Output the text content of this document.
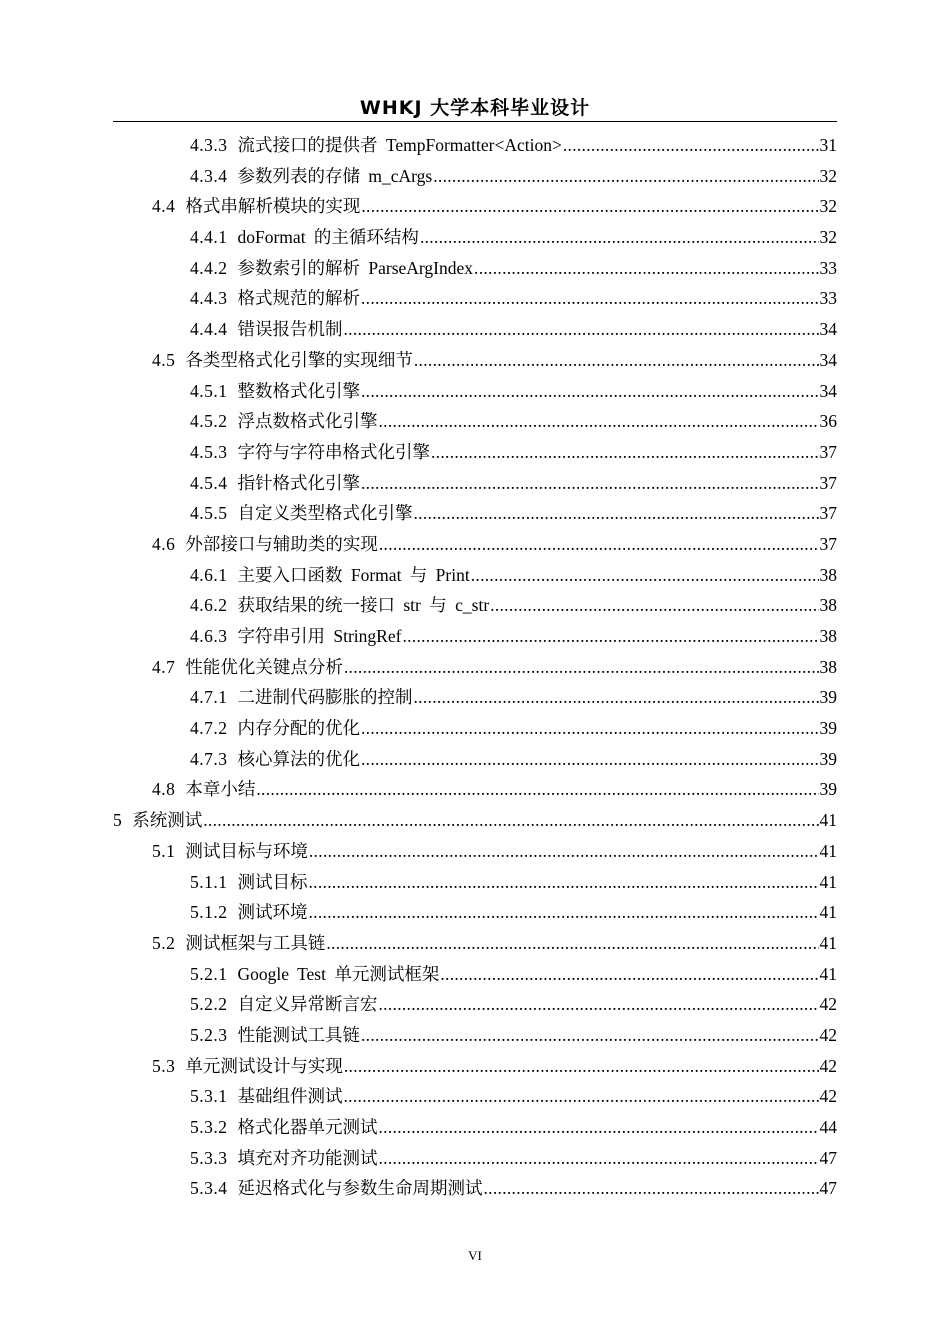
WHKJ 大学本科毕业设计
4.3.3 流式接口的提供者 TempFormatter<Action> .....	31
4.3.4 参数列表的存储 m_cArgs .....	32
4.4 格式串解析模块的实现 .....	32
4.4.1 doFormat 的主循环结构 .....	32
4.4.2 参数索引的解析 ParseArgIndex .....	33
4.4.3 格式规范的解析 .....	33
4.4.4 错误报告机制 .....	34
4.5 各类型格式化引擎的实现细节 .....	34
4.5.1 整数格式化引擎 .....	34
4.5.2 浮点数格式化引擎 .....	36
4.5.3 字符与字符串格式化引擎 .....	37
4.5.4 指针格式化引擎 .....	37
4.5.5 自定义类型格式化引擎 .....	37
4.6 外部接口与辅助类的实现 .....	37
4.6.1 主要入口函数 Format 与 Print .....	38
4.6.2 获取结果的统一接口 str 与 c_str .....	38
4.6.3 字符串引用 StringRef .....	38
4.7 性能优化关键点分析 .....	38
4.7.1 二进制代码膨胀的控制 .....	39
4.7.2 内存分配的优化 .....	39
4.7.3 核心算法的优化 .....	39
4.8 本章小结 .....	39
5 系统测试 .....	41
5.1 测试目标与环境 .....	41
5.1.1 测试目标 .....	41
5.1.2 测试环境 .....	41
5.2 测试框架与工具链 .....	41
5.2.1 Google Test 单元测试框架 .....	41
5.2.2 自定义异常断言宏 .....	42
5.2.3 性能测试工具链 .....	42
5.3 单元测试设计与实现 .....	42
5.3.1 基础组件测试 .....	42
5.3.2 格式化器单元测试 .....	44
5.3.3 填充对齐功能测试 .....	47
5.3.4 延迟格式化与参数生命周期测试 .....	47
VI
